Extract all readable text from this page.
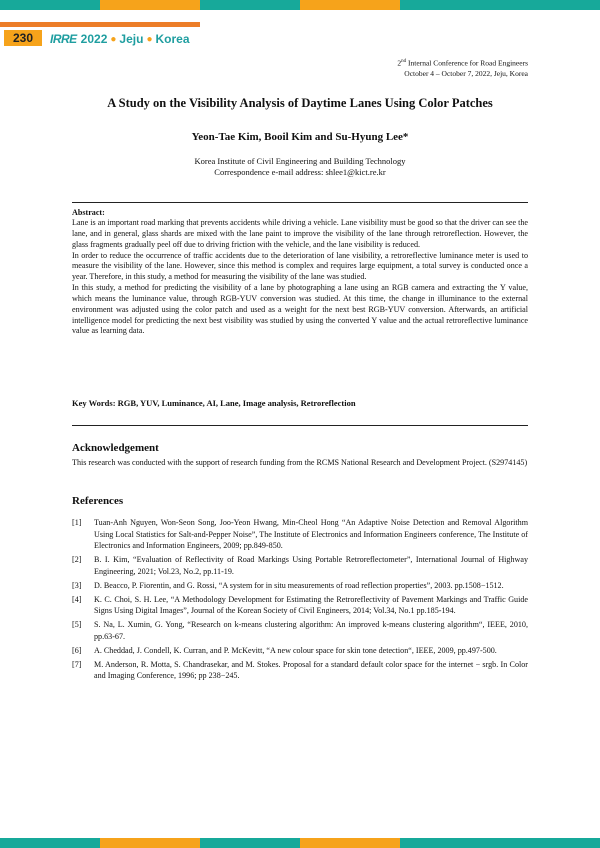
230	IRRE 2022 ● Jeju ● Korea
2nd Internal Conference for Road Engineers
October 4 – October 7, 2022, Jeju, Korea
A Study on the Visibility Analysis of Daytime Lanes Using Color Patches
Yeon-Tae Kim, Booil Kim and Su-Hyung Lee*
Korea Institute of Civil Engineering and Building Technology
Correspondence e-mail address: shlee1@kict.re.kr
Abstract:

Lane is an important road marking that prevents accidents while driving a vehicle. Lane visibility must be good so that the driver can see the lane, and in general, glass shards are mixed with the lane paint to improve the visibility of the lane through retroreflection. However, the glass fragments gradually peel off due to driving friction with the vehicle, and the lane visibility is reduced.

In order to reduce the occurrence of traffic accidents due to the deterioration of lane visibility, a retroreflective luminance meter is used to measure the visibility of the lane. However, since this method is complex and requires large equipment, a total survey is conducted once a year. Therefore, in this study, a method for measuring the visibility of the lane was studied.

In this study, a method for predicting the visibility of a lane by photographing a lane using an RGB camera and extracting the Y value, which means the luminance value, through RGB-YUV conversion was studied. At this time, the change in illuminance to the external environment was adjusted using the color patch and used as a weight for the next best RGB-YUV conversion. Afterwards, an artificial intelligence model for predicting the next best visibility was studied by using the converted Y value and the actual retroreflective luminance value as learning data.

Key Words: RGB, YUV, Luminance, AI, Lane, Image analysis, Retroreflection
Acknowledgement

This research was conducted with the support of research funding from the RCMS National Research and Development Project. (S2974145)

References
[1]	Tuan-Anh Nguyen, Won-Seon Song, Joo-Yeon Hwang, Min-Cheol Hong “An Adaptive Noise Detection and Removal Algorithm Using Local Statistics for Salt-and-Pepper Noise”, The Institute of Electronics and Information Engineers conference, The Institute of Electronics and Information Engineers, 2009; pp.849-850.
[2]	B. I. Kim, “Evaluation of Reflectivity of Road Markings Using Portable Retroreflectometer”, International Journal of Highway Engineering, 2021; Vol.23, No.2, pp.11-19.
[3]	D. Beacco, P. Fiorentin, and G. Rossi, “A system for in situ measurements of road reflection properties”, 2003. pp.1508−1512.
[4]	K. C. Choi, S. H. Lee, “A Methodology Development for Estimating the Retroreflectivity of Pavement Markings and Traffic Guide Signs Using Digital Images”, Journal of the Korean Society of Civil Engineers, 2014; Vol.34, No.1 pp.185-194.
[5]	S. Na, L. Xumin, G. Yong, “Research on k-means clustering algorithm: An improved k-means clustering algorithm“, IEEE, 2010, pp.63-67.
[6]	A. Cheddad, J. Condell, K. Curran, and P. McKevitt, “A new colour space for skin tone detection“, IEEE, 2009, pp.497-500.
[7]	M. Anderson, R. Motta, S. Chandrasekar, and M. Stokes. Proposal for a standard default color space for the internet − srgb. In Color and Imaging Conference, 1996; pp 238−245.
